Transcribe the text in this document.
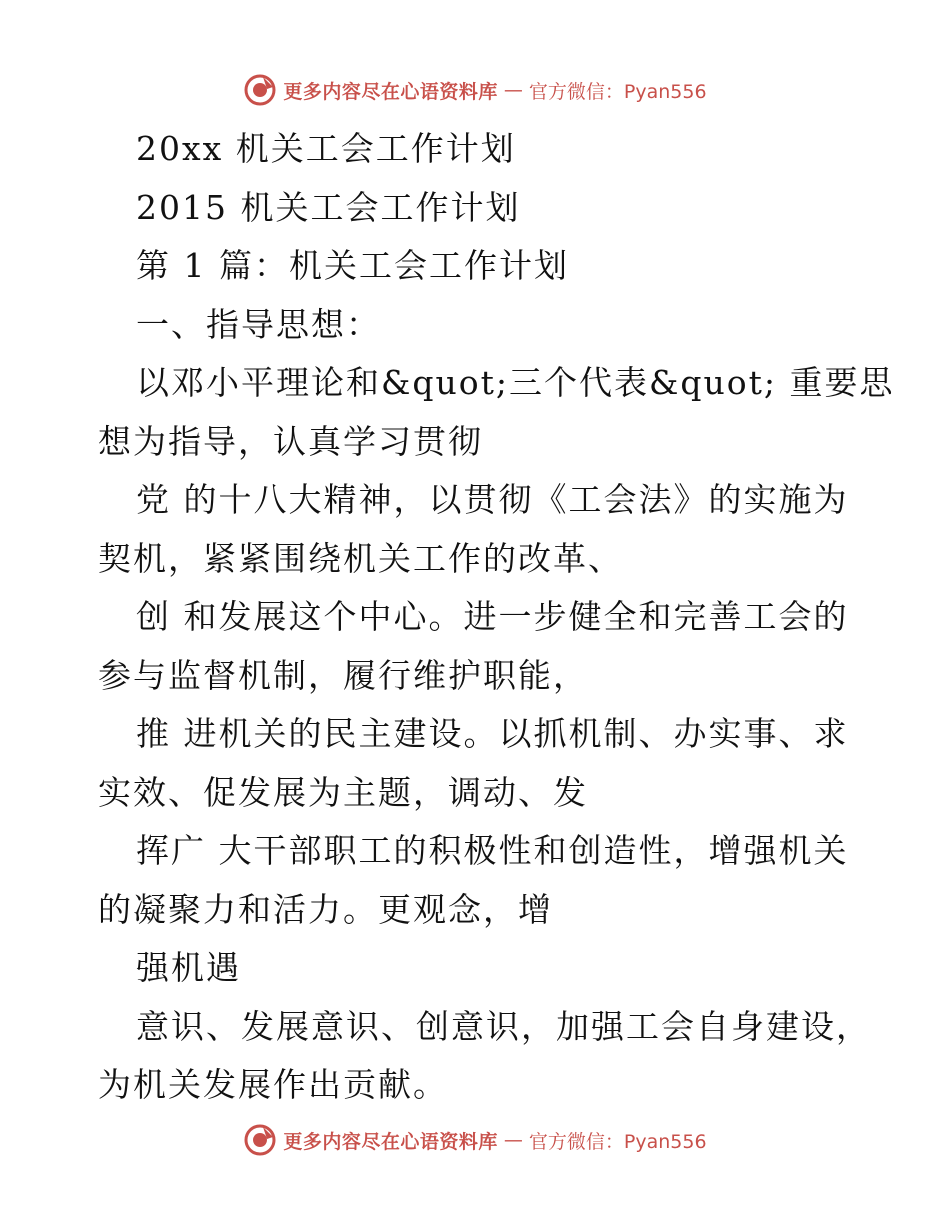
更多内容尽在心语资料库 — 官方微信：Pyan556

20xx 机关工会工作计划

2015 机关工会工作计划

第 1 篇：机关工会工作计划

一、指导思想：

以邓小平理论和&quot;三个代表&quot; 重要思

想为指导，认真学习贯彻

党 的十八大精神，以贯彻《工会法》的实施为

契机，紧紧围绕机关工作的改革、

创 和发展这个中心。进一步健全和完善工会的

参与监督机制，履行维护职能，

推 进机关的民主建设。以抓机制、办实事、求

实效、促发展为主题，调动、发

挥广 大干部职工的积极性和创造性，增强机关

的凝聚力和活力。更观念，增

强机遇

意识、发展意识、创意识，加强工会自身建设，

为机关发展作出贡献。

更多内容尽在心语资料库 — 官方微信：Pyan556
